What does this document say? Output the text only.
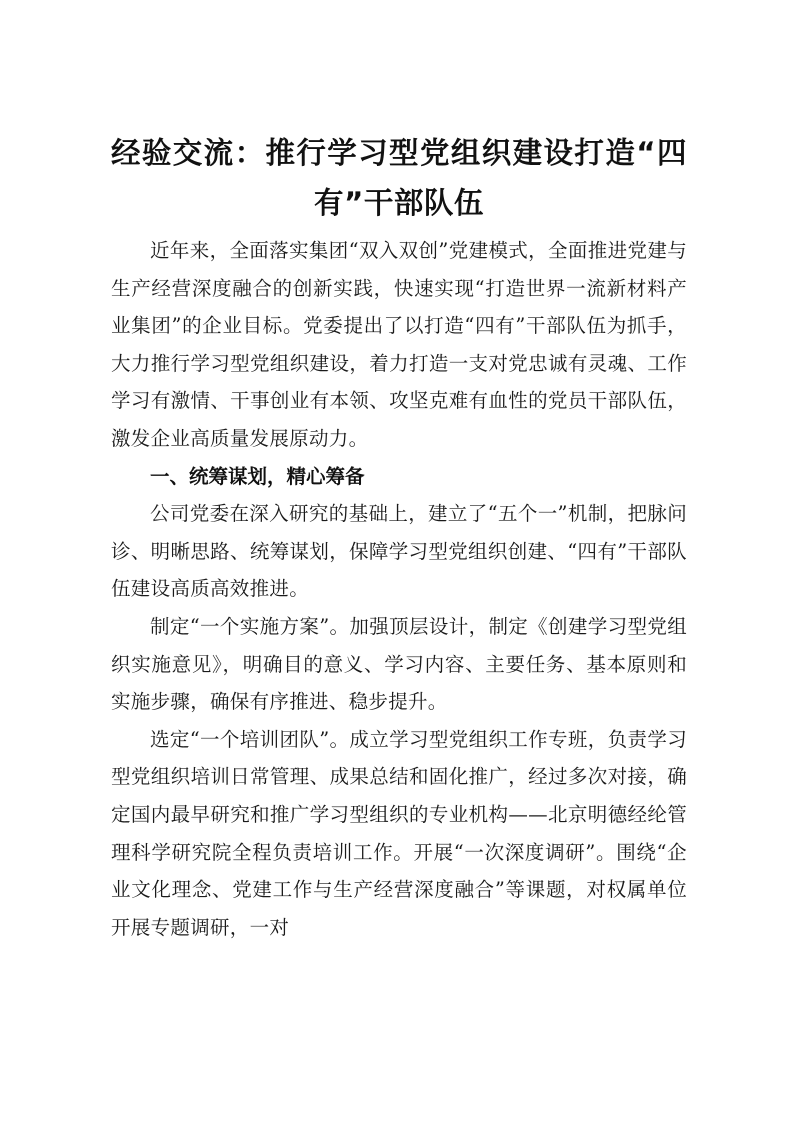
经验交流：推行学习型党组织建设打造“四有”干部队伍

近年来，全面落实集团“双入双创”党建模式，全面推进党建与生产经营深度融合的创新实践，快速实现“打造世界一流新材料产业集团”的企业目标。党委提出了以打造“四有”干部队伍为抓手，大力推行学习型党组织建设，着力打造一支对党忠诚有灵魂、工作学习有激情、干事创业有本领、攻坚克难有血性的党员干部队伍，激发企业高质量发展原动力。

一、统筹谋划，精心筹备

公司党委在深入研究的基础上，建立了“五个一”机制，把脉问诊、明晰思路、统筹谋划，保障学习型党组织创建、“四有”干部队伍建设高质高效推进。

制定“一个实施方案”。加强顶层设计，制定《创建学习型党组织实施意见》，明确目的意义、学习内容、主要任务、基本原则和实施步骤，确保有序推进、稳步提升。

选定“一个培训团队”。成立学习型党组织工作专班，负责学习型党组织培训日常管理、成果总结和固化推广，经过多次对接，确定国内最早研究和推广学习型组织的专业机构——北京明德经纶管理科学研究院全程负责培训工作。开展“一次深度调研”。围绕“企业文化理念、党建工作与生产经营深度融合”等课题，对权属单位开展专题调研，一对
